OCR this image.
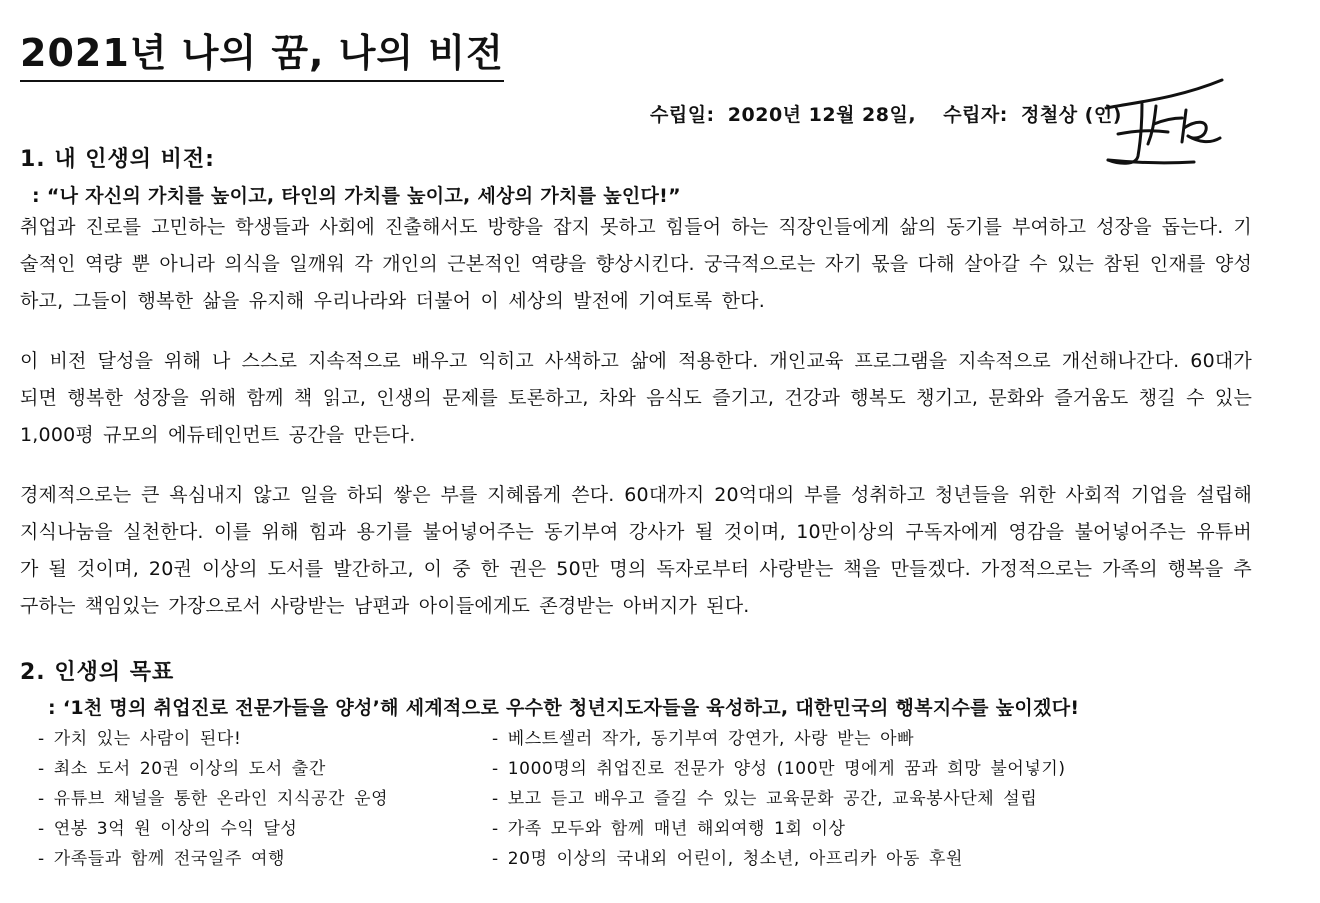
2021년 나의 꿈, 나의 비전
수립일: 2020년 12월 28일, 수립자: 정철상 (인)
1. 내 인생의 비전:
: “나 자신의 가치를 높이고, 타인의 가치를 높이고, 세상의 가치를 높인다!”

취업과 진로를 고민하는 학생들과 사회에 진출해서도 방향을 잡지 못하고 힘들어 하는 직장인들에게 삶의 동기를 부여하고 성장을 돕는다. 기술적인 역량 뿐 아니라 의식을 일깨워 각 개인의 근본적인 역량을 향상시킨다. 궁극적으로는 자기 몫을 다해 살아갈 수 있는 참된 인재를 양성하고, 그들이 행복한 삶을 유지해 우리나라와 더불어 이 세상의 발전에 기여토록 한다.

이 비전 달성을 위해 나 스스로 지속적으로 배우고 익히고 사색하고 삶에 적용한다. 개인교육 프로그램을 지속적으로 개선해나간다. 60대가 되면 행복한 성장을 위해 함께 책 읽고, 인생의 문제를 토론하고, 차와 음식도 즐기고, 건강과 행복도 챙기고, 문화와 즐거움도 챙길 수 있는 1,000평 규모의 에듀테인먼트 공간을 만든다.

경제적으로는 큰 욕심내지 않고 일을 하되 쌓은 부를 지혜롭게 쓴다. 60대까지 20억대의 부를 성취하고 청년들을 위한 사회적 기업을 설립해 지식나눔을 실천한다. 이를 위해 힘과 용기를 불어넣어주는 동기부여 강사가 될 것이며, 10만이상의 구독자에게 영감을 불어넣어주는 유튜버가 될 것이며, 20권 이상의 도서를 발간하고, 이 중 한 권은 50만 명의 독자로부터 사랑받는 책을 만들겠다. 가정적으로는 가족의 행복을 추구하는 책임있는 가장으로서 사랑받는 남편과 아이들에게도 존경받는 아버지가 된다.

2. 인생의 목표
: ‘1천 명의 취업진로 전문가들을 양성’해 세계적으로 우수한 청년지도자들을 육성하고, 대한민국의 행복지수를 높이겠다!
- 가치 있는 사람이 된다!
- 최소 도서 20권 이상의 도서 출간
- 유튜브 채널을 통한 온라인 지식공간 운영
- 연봉 3억 원 이상의 수익 달성
- 가족들과 함께 전국일주 여행
- 베스트셀러 작가, 동기부여 강연가, 사랑 받는 아빠
- 1000명의 취업진로 전문가 양성 (100만 명에게 꿈과 희망 불어넣기)
- 보고 듣고 배우고 즐길 수 있는 교육문화 공간, 교육봉사단체 설립
- 가족 모두와 함께 매년 해외여행 1회 이상
- 20명 이상의 국내외 어린이, 청소년, 아프리카 아동 후원
